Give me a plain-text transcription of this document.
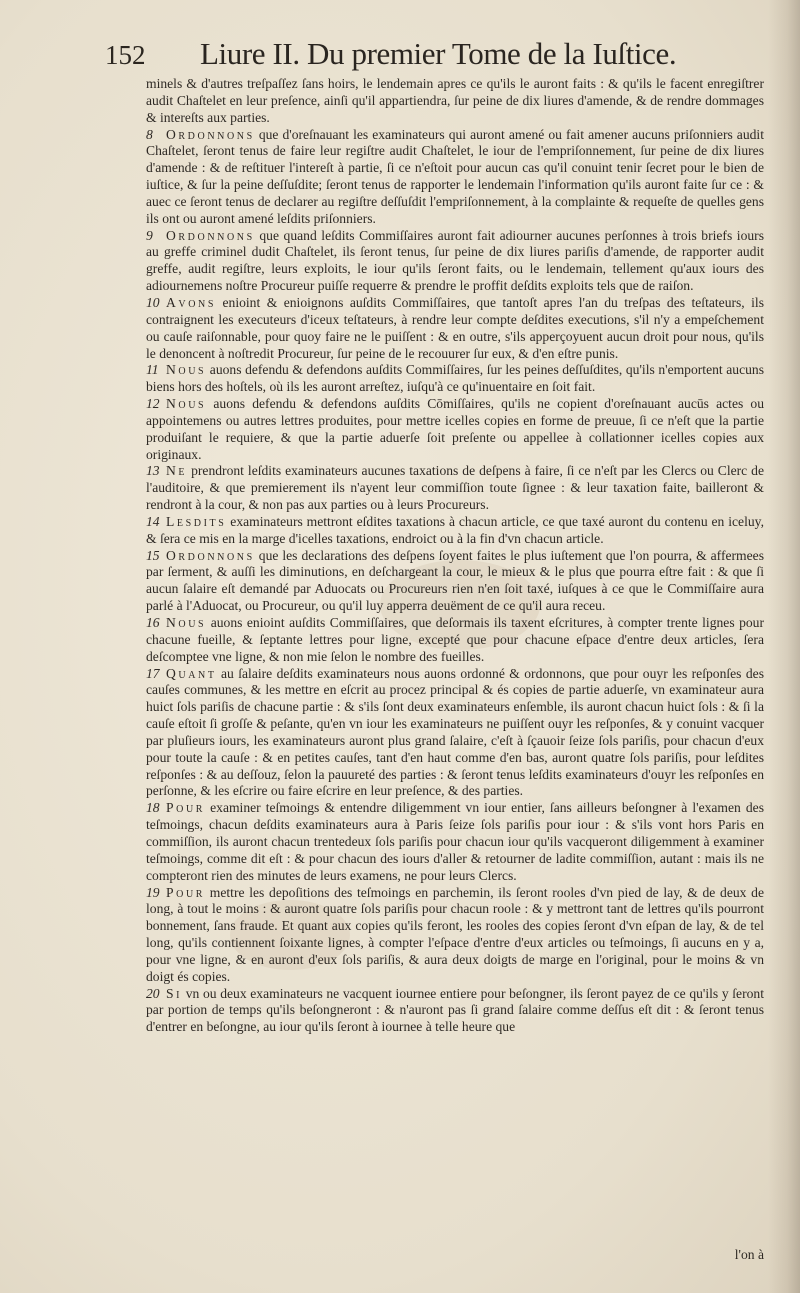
152 Liure II. Du premier Tome de la Iuſtice.

minels & d'autres treſpaſſez ſans hoirs, le lendemain apres ce qu'ils le auront faits : & qu'ils le facent enregiſtrer audit Chaſtelet en leur preſence, ainſi qu'il appartiendra, ſur peine de dix liures d'amende, & de rendre dommages & intereſts aux parties.

8 Ordonnons que d'oreſnauant les examinateurs qui auront amené ou fait amener aucuns priſonniers audit Chaſtelet, ſeront tenus de faire leur regiſtre audit Chaſtelet, le iour de l'empriſonnement, ſur peine de dix liures d'amende : & de reſtituer l'intereſt à partie, ſi ce n'eſtoit pour aucun cas qu'il conuint tenir ſecret pour le bien de iuſtice, & ſur la peine deſſuſdite; ſeront tenus de rapporter le lendemain l'information qu'ils auront faite ſur ce : & auec ce ſeront tenus de declarer au regiſtre deſſuſdit l'empriſonnement, à la complainte & requeſte de quelles gens ils ont ou auront amené leſdits priſonniers.

9 Ordonnons que quand leſdits Commiſſaires auront fait adiourner aucunes perſonnes à trois briefs iours au greffe criminel dudit Chaſtelet, ils ſeront tenus, ſur peine de dix liures pariſis d'amende, de rapporter audit greffe, audit regiſtre, leurs exploits, le iour qu'ils ſeront faits, ou le lendemain, tellement qu'aux iours des adiournemens noſtre Procureur puiſſe requerre & prendre le proffit deſdits exploits tels que de raiſon.

10 Avons enioint & enioignons auſdits Commiſſaires, que tantoſt apres l'an du treſpas des teſtateurs, ils contraignent les executeurs d'iceux teſtateurs, à rendre leur compte deſdites executions, s'il n'y a empeſchement ou cauſe raiſonnable, pour quoy faire ne le puiſſent : & en outre, s'ils apperçoyuent aucun droit pour nous, qu'ils le denoncent à noſtredit Procureur, ſur peine de le recouurer ſur eux, & d'en eſtre punis.

11 Nous auons defendu & defendons auſdits Commiſſaires, ſur les peines deſſuſdites, qu'ils n'emportent aucuns biens hors des hoſtels, où ils les auront arreſtez, iuſqu'à ce qu'inuentaire en ſoit fait.

12 Nous auons defendu & defendons auſdits Cōmiſſaires, qu'ils ne copient d'oreſnauant aucūs actes ou appointemens ou autres lettres produites, pour mettre icelles copies en forme de preuue, ſi ce n'eſt que la partie produiſant le requiere, & que la partie aduerſe ſoit preſente ou appellee à collationner icelles copies aux originaux.

13 Ne prendront leſdits examinateurs aucunes taxations de deſpens à faire, ſi ce n'eſt par les Clercs ou Clerc de l'auditoire, & que premierement ils n'ayent leur commiſſion toute ſignee : & leur taxation faite, bailleront & rendront à la cour, & non pas aux parties ou à leurs Procureurs.

14 Lesdits examinateurs mettront eſdites taxations à chacun article, ce que taxé auront du contenu en iceluy, & ſera ce mis en la marge d'icelles taxations, endroict ou à la fin d'vn chacun article.

15 Ordonnons que les declarations des deſpens ſoyent faites le plus iuſtement que l'on pourra, & affermees par ſerment, & auſſi les diminutions, en deſchargeant la cour, le mieux & le plus que pourra eſtre fait : & que ſi aucun ſalaire eſt demandé par Aduocats ou Procureurs rien n'en ſoit taxé, iuſques à ce que le Commiſſaire aura parlé à l'Aduocat, ou Procureur, ou qu'il luy apperra deuëment de ce qu'il aura receu.

16 Nous auons enioint auſdits Commiſſaires, que deſormais ils taxent eſcritures, à compter trente lignes pour chacune fueille, & ſeptante lettres pour ligne, excepté que pour chacune eſpace d'entre deux articles, ſera deſcomptee vne ligne, & non mie ſelon le nombre des fueilles.

17 Quant au ſalaire deſdits examinateurs nous auons ordonné & ordonnons, que pour ouyr les reſponſes des cauſes communes, & les mettre en eſcrit au procez principal & és copies de partie aduerſe, vn examinateur aura huict ſols pariſis de chacune partie : & s'ils ſont deux examinateurs enſemble, ils auront chacun huict ſols : & ſi la cauſe eſtoit ſi groſſe & peſante, qu'en vn iour les examinateurs ne puiſſent ouyr les reſponſes, & y conuint vacquer par pluſieurs iours, les examinateurs auront plus grand ſalaire, c'eſt à ſçauoir ſeize ſols pariſis, pour chacun d'eux pour toute la cauſe : & en petites cauſes, tant d'en haut comme d'en bas, auront quatre ſols pariſis, pour leſdites reſponſes : & au deſſouz, ſelon la pauureté des parties : & ſeront tenus leſdits examinateurs d'ouyr les reſponſes en perſonne, & les eſcrire ou faire eſcrire en leur preſence, & des parties.

18 Pour examiner teſmoings & entendre diligemment vn iour entier, ſans ailleurs beſongner à l'examen des teſmoings, chacun deſdits examinateurs aura à Paris ſeize ſols pariſis pour iour : & s'ils vont hors Paris en commiſſion, ils auront chacun trentedeux ſols pariſis pour chacun iour qu'ils vacqueront diligemment à examiner teſmoings, comme dit eſt : & pour chacun des iours d'aller & retourner de ladite commiſſion, autant : mais ils ne compteront rien des minutes de leurs examens, ne pour leurs Clercs.

19 Pour mettre les depoſitions des teſmoings en parchemin, ils ſeront rooles d'vn pied de lay, & de deux de long, à tout le moins : & auront quatre ſols pariſis pour chacun roole : & y mettront tant de lettres qu'ils pourront bonnement, ſans fraude. Et quant aux copies qu'ils feront, les rooles des copies ſeront d'vn eſpan de lay, & de tel long, qu'ils contiennent ſoixante lignes, à compter l'eſpace d'entre d'eux articles ou teſmoings, ſi aucuns en y a, pour vne ligne, & en auront d'eux ſols pariſis, & aura deux doigts de marge en l'original, pour le moins & vn doigt és copies.

20 Si vn ou deux examinateurs ne vacquent iournee entiere pour beſongner, ils ſeront payez de ce qu'ils y ſeront par portion de temps qu'ils beſongneront : & n'auront pas ſi grand ſalaire comme deſſus eſt dit : & ſeront tenus d'entrer en beſongne, au iour qu'ils ſeront à iournee à telle heure que

l'on à
